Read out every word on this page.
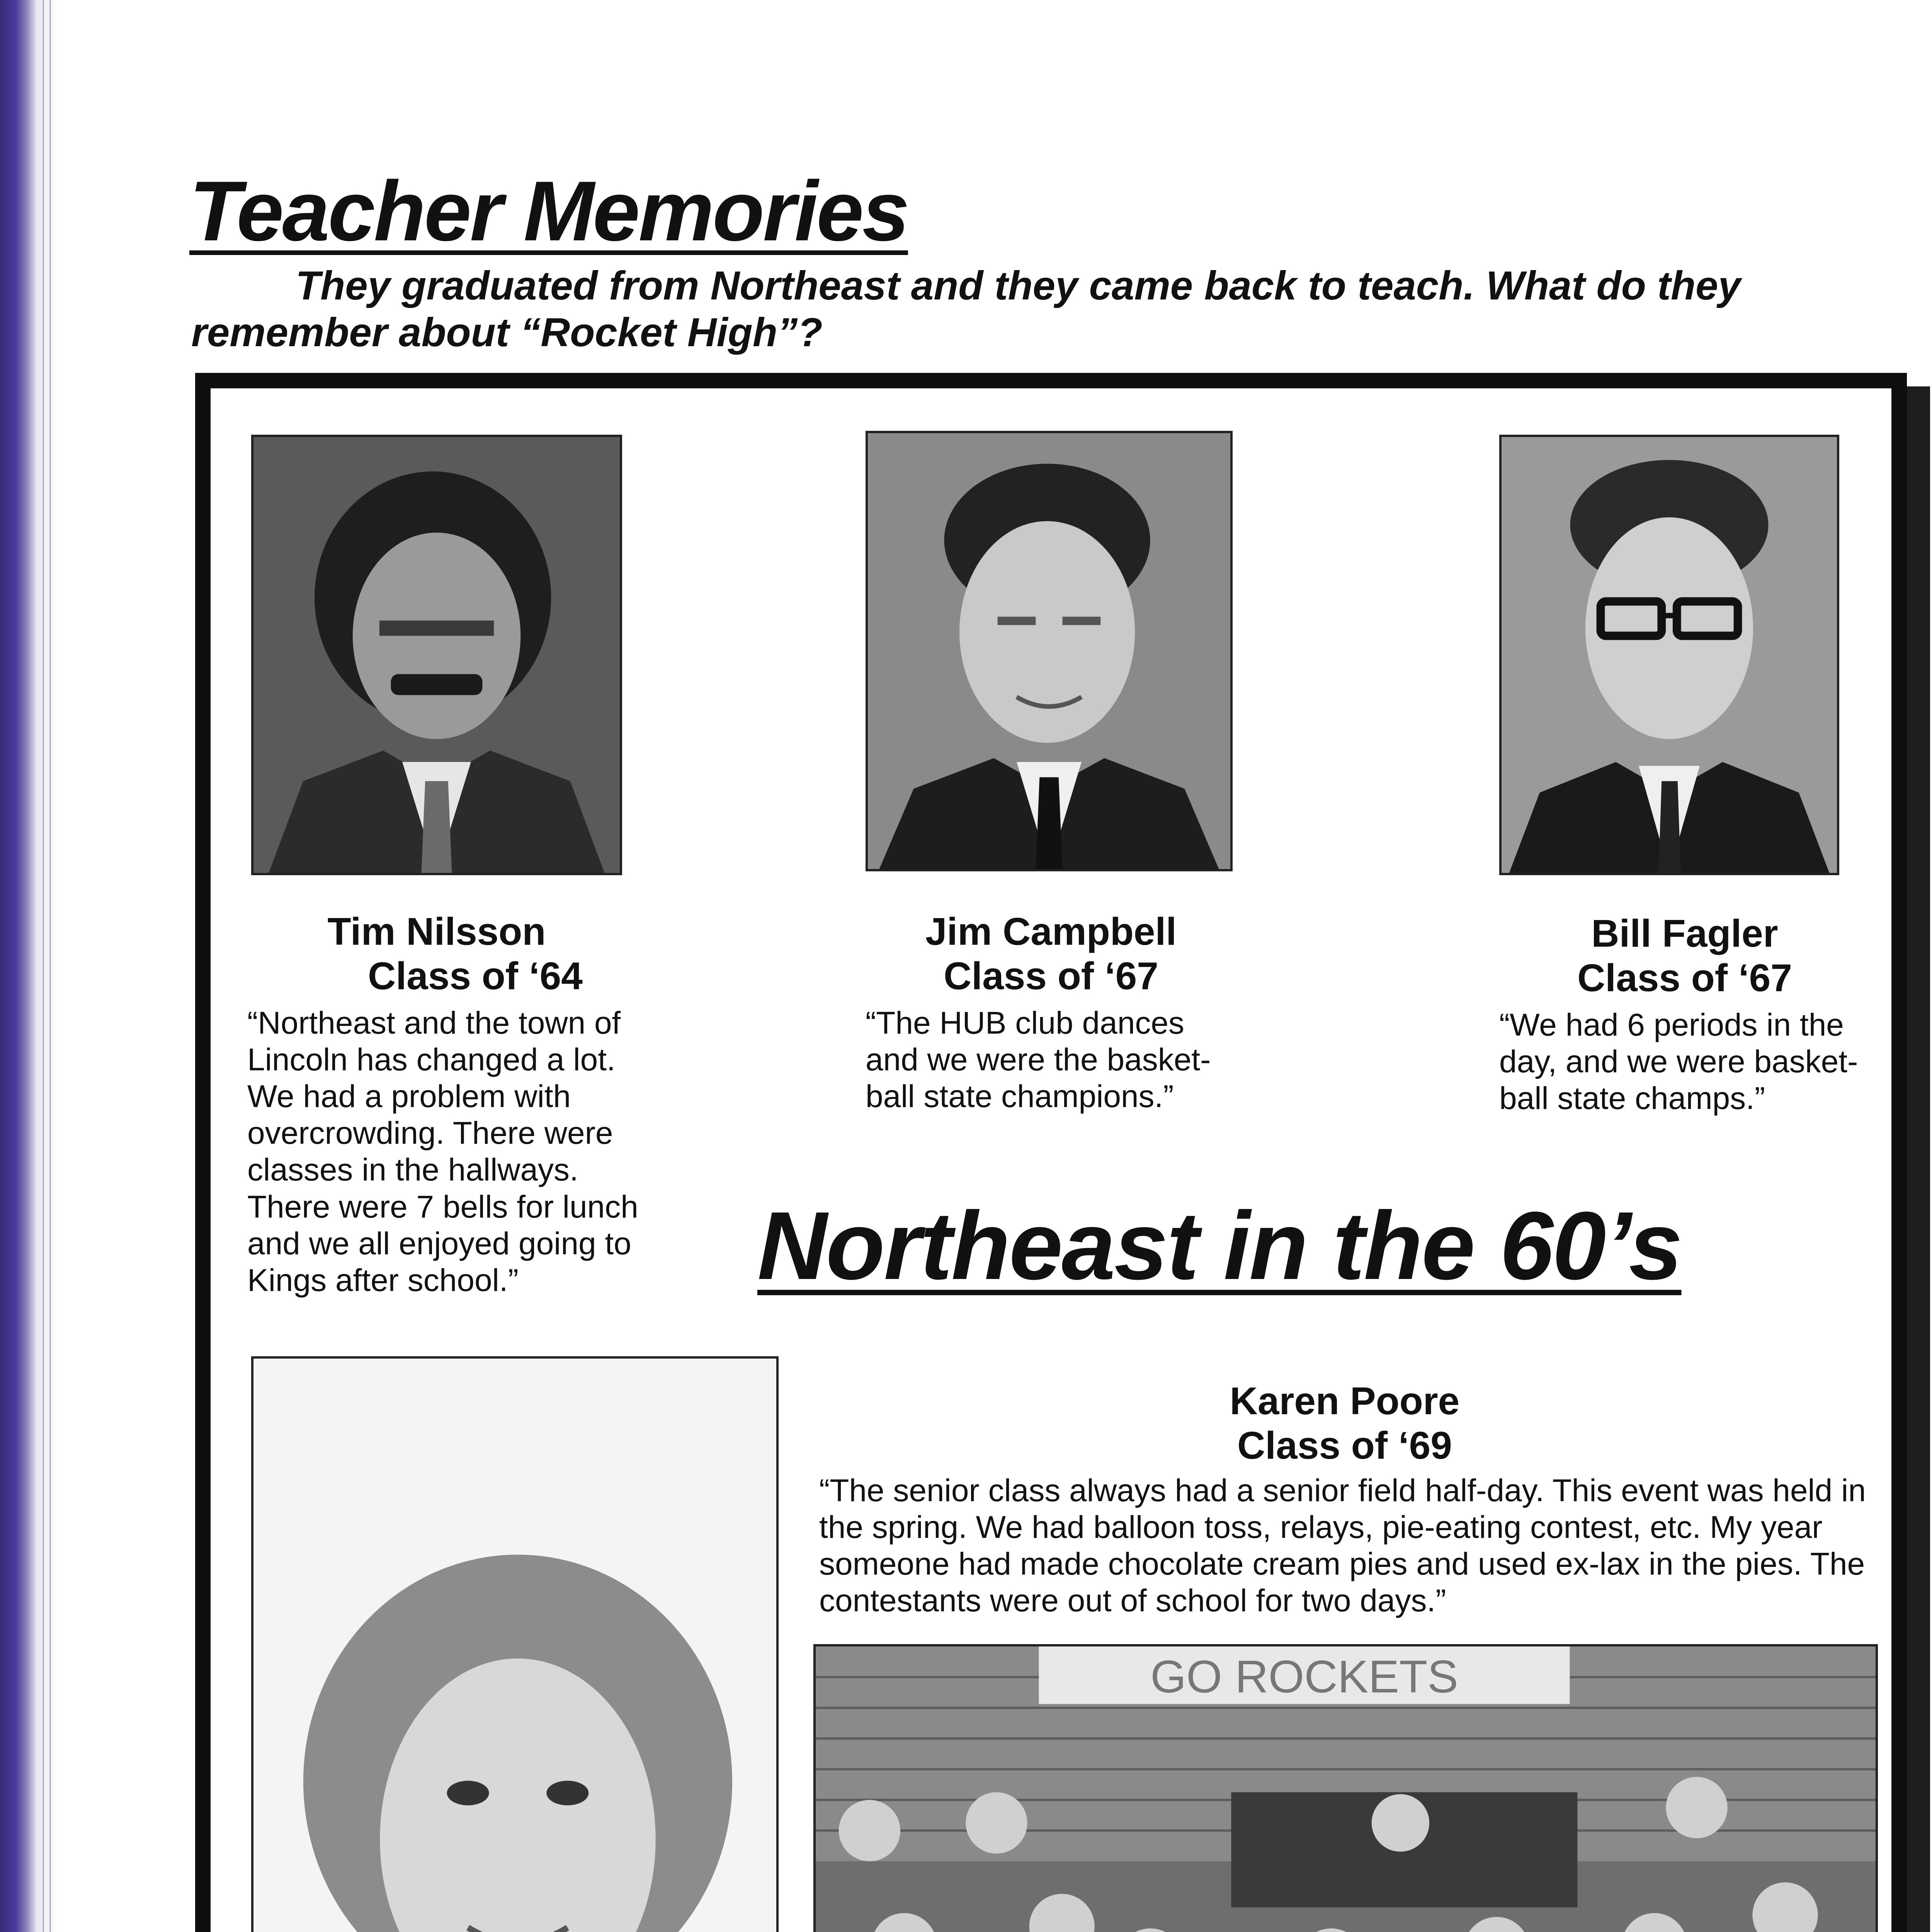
Teacher Memories

They graduated from Northeast and they came back to teach. What do they remember about “Rocket High”?

Tim Nilsson
Class of ‘64

“Northeast and the town of Lincoln has changed a lot. We had a problem with overcrowding. There were classes in the hallways. There were 7 bells for lunch and we all enjoyed going to Kings after school.”

Jim Campbell
Class of ‘67

“The HUB club dances and we were the basket-ball state champions.”

Bill Fagler
Class of ‘67

“We had 6 periods in the day, and we were basket-ball state champs.”

Northeast in the 60’s
Karen Poore
Class of ‘69

“The senior class always had a senior field half-day. This event was held in the spring. We had balloon toss, relays, pie-eating contest, etc. My year someone had made chocolate cream pies and used ex-lax in the pies. The contestants were out of school for two days.”

GO ROCKETS
